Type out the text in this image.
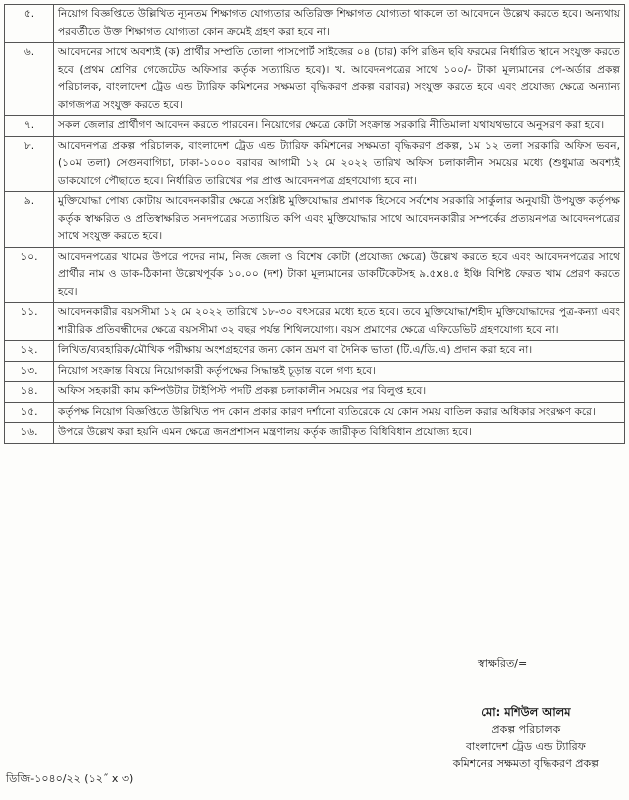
৫.	নিয়োগ বিজ্ঞপ্তিতে উল্লিখিত ন্যূনতম শিক্ষাগত যোগ্যতার অতিরিক্ত শিক্ষাগত যোগ্যতা থাকলে তা আবেদনে উল্লেখ করতে হবে। অন্যথায় পরবর্তীতে উক্ত শিক্ষাগত যোগ্যতা কোন ক্রমেই গ্রহণ করা হবে না।
৬.	আবেদনের সাথে অবশ্যই (ক) প্রার্থীর সম্প্রতি তোলা পাসপোর্ট সাইজের ০৪ (চার) কপি রঙিন ছবি ফরমের নির্ধারিত স্থানে সংযুক্ত করতে হবে (প্রথম শ্রেণির গেজেটেড অফিসার কর্তৃক সত্যায়িত হবে)। খ. আবেদনপত্রের সাথে ১০০/- টাকা মূল্যমানের পে-অর্ডার প্রকল্প পরিচালক, বাংলাদেশ ট্রেড এন্ড ট্যারিফ কমিশনের সক্ষমতা বৃদ্ধিকরণ প্রকল্প বরাবর) সংযুক্ত করতে হবে এবং প্রযোজ্য ক্ষেত্রে অন্যান্য কাগজপত্র সংযুক্ত করতে হবে।
৭.	সকল জেলার প্রার্থীগণ আবেদন করতে পারবেন। নিয়োগের ক্ষেত্রে কোটা সংক্রান্ত সরকারি নীতিমালা যথাযথভাবে অনুসরণ করা হবে।
৮.	আবেদনপত্র প্রকল্প পরিচালক, বাংলাদেশ ট্রেড এন্ড ট্যারিফ কমিশনের সক্ষমতা বৃদ্ধিকরণ প্রকল্প, ১ম ১২ তলা সরকারি অফিস ভবন, (১০ম তলা) সেগুনবাগিচা, ঢাকা-১০০০ বরাবর আগামী ১২ মে ২০২২ তারিখ অফিস চলাকালীন সময়ের মধ্যে (শুধুমাত্র অবশ্যই ডাকযোগে পৌছাতে হবে। নির্ধারিত তারিখের পর প্রাপ্ত আবেদনপত্র গ্রহণযোগ্য হবে না।
৯.	মুক্তিযোদ্ধা পোষ্য কোটায় আবেদনকারীর ক্ষেত্রে সংশ্লিষ্ট মুক্তিযোদ্ধার প্রমাণক হিসেবে সর্বশেষ সরকারি সার্কুলার অনুযায়ী উপযুক্ত কর্তৃপক্ষ কর্তৃক স্বাক্ষরিত ও প্রতিস্বাক্ষরিত সনদপত্রের সত্যায়িত কপি এবং মুক্তিযোদ্ধার সাথে আবেদনকারীর সম্পর্কের প্রত্যয়নপত্র আবেদনপত্রের সাথে সংযুক্ত করতে হবে।
১০.	আবেদনপত্রের খামের উপরে পদের নাম, নিজ জেলা ও বিশেষ কোটা (প্রযোজ্য ক্ষেত্রে) উল্লেখ করতে হবে এবং আবেদনপত্রের সাথে প্রার্থীর নাম ও ডাক-ঠিকানা উল্লেখপূর্বক ১০.০০ (দশ) টাকা মূল্যমানের ডাকটিকেটসহ ৯.৫x৪.৫ ইঞ্চি বিশিষ্ট ফেরত খাম প্রেরণ করতে হবে।
১১.	আবেদনকারীর বয়সসীমা ১২ মে ২০২২ তারিখে ১৮-৩০ বৎসরের মধ্যে হতে হবে। তবে মুক্তিযোদ্ধা/শহীদ মুক্তিযোদ্ধাদের পুত্র-কন্যা এবং শারীরিক প্রতিবন্ধীদের ক্ষেত্রে বয়সসীমা ৩২ বছর পর্যন্ত শিথিলযোগ্য। বয়স প্রমাণের ক্ষেত্রে এফিডেভিট গ্রহণযোগ্য হবে না।
১২.	লিখিত/ব্যবহারিক/মৌখিক পরীক্ষায় অংশগ্রহণের জন্য কোন ভ্রমণ বা দৈনিক ভাতা (টি.এ/ডি.এ) প্রদান করা হবে না।
১৩.	নিয়োগ সংক্রান্ত বিষয়ে নিয়োগকারী কর্তৃপক্ষের সিদ্ধান্তই চূড়ান্ত বলে গণ্য হবে।
১৪.	অফিস সহকারী কাম কম্পিউটার টাইপিস্ট পদটি প্রকল্প চলাকালীন সময়ের পর বিলুপ্ত হবে।
১৫.	কর্তৃপক্ষ নিয়োগ বিজ্ঞপ্তিতে উল্লিখিত পদ কোন প্রকার কারণ দর্শানো ব্যতিরেকে যে কোন সময় বাতিল করার অধিকার সংরক্ষণ করে।
১৬.	উপরে উল্লেখ করা হয়নি এমন ক্ষেত্রে জনপ্রশাসন মন্ত্রণালয় কর্তৃক জারীকৃত বিধিবিধান প্রযোজ্য হবে।
স্বাক্ষরিত/=
মো: মশিউল আলম
প্রকল্প পরিচালক
বাংলাদেশ ট্রেড এন্ড ট্যারিফ
কমিশনের সক্ষমতা বৃদ্ধিকরণ প্রকল্প
ডিজি-১০৪০/২২ (১২˝ x ৩)
